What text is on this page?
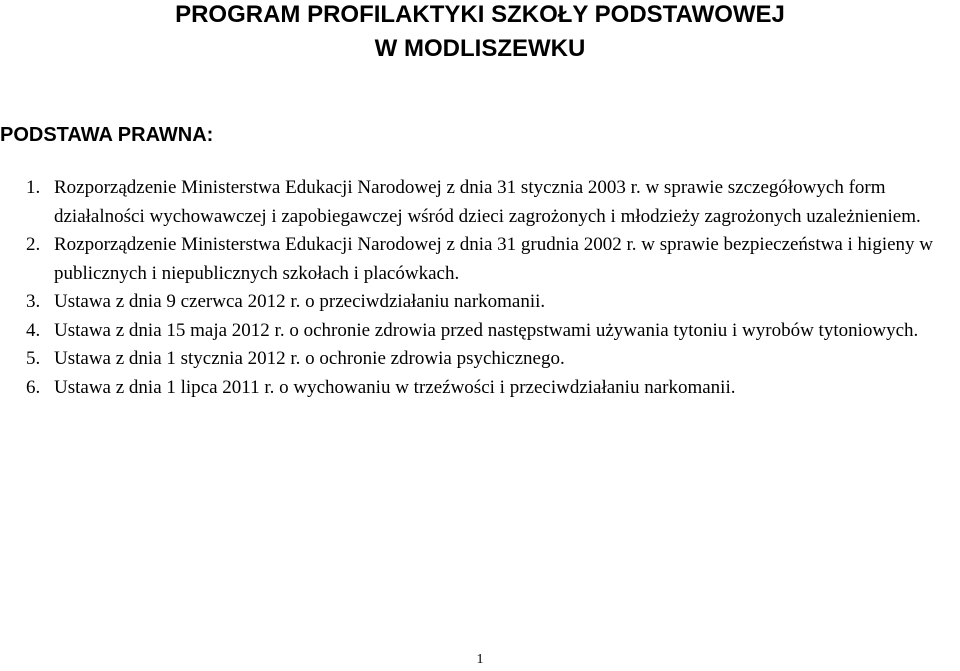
PROGRAM PROFILAKTYKI SZKOŁY PODSTAWOWEJ
W MODLISZEWKU
PODSTAWA PRAWNA:
1. Rozporządzenie Ministerstwa Edukacji Narodowej z dnia 31 stycznia 2003 r. w sprawie szczegółowych form działalności wychowawczej i zapobiegawczej wśród dzieci zagrożonych i młodzieży zagrożonych uzależnieniem.
2. Rozporządzenie Ministerstwa Edukacji Narodowej z dnia 31 grudnia 2002 r. w sprawie bezpieczeństwa i higieny w publicznych i niepublicznych szkołach i placówkach.
3. Ustawa z dnia 9 czerwca 2012 r. o przeciwdziałaniu narkomanii.
4. Ustawa z dnia 15 maja 2012 r. o ochronie zdrowia przed następstwami używania tytoniu i wyrobów tytoniowych.
5. Ustawa z dnia 1 stycznia 2012 r. o ochronie zdrowia psychicznego.
6. Ustawa z dnia 1 lipca 2011 r. o wychowaniu w trzeźwości i przeciwdziałaniu narkomanii.
1
